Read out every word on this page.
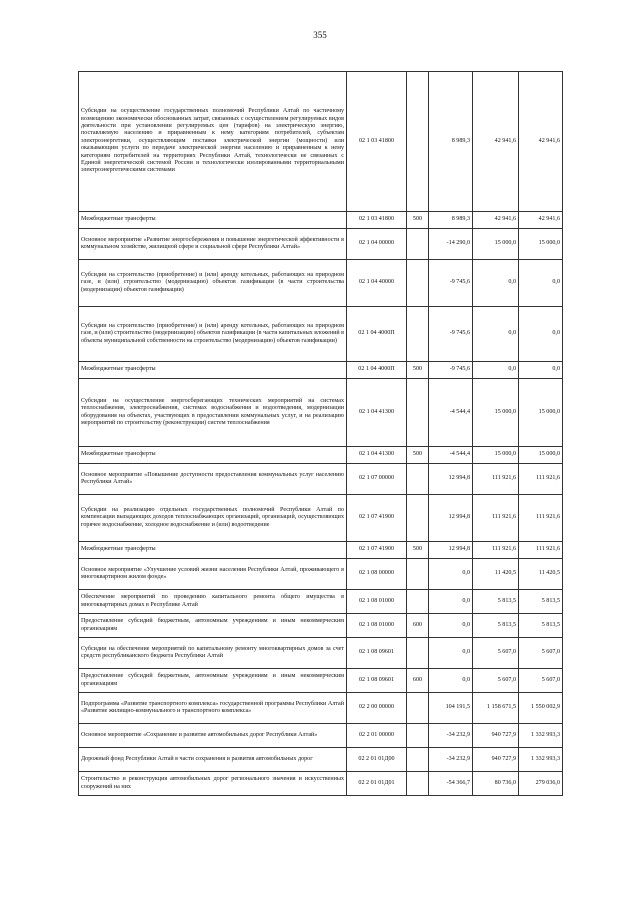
355
Субсидии на осуществление государственных полномочий Республики Алтай по частичному возмещению экономически обоснованных затрат, связанных с осуществлением регулируемых видов деятельности при установлении регулируемых цен (тарифов) на электрическую энергию, поставляемую населению и приравненным к нему категориям потребителей, субъектам электроэнергетики, осуществляющим поставки электрической энергии (мощности) или оказывающим услуги по передаче электрической энергии населению и приравненным к нему категориям потребителей на территориях Республики Алтай, технологически не связанных с Единой энергетической системой России и технологически изолированными территориальными электроэнергетическими системами	02 1 03 41800		8 989,3	42 941,6	42 941,6
Межбюджетные трансферты	02 1 03 41800	500	8 989,3	42 941,6	42 941,6
Основное мероприятие «Развитие энергосбережения и повышение энергетической эффективности в коммунальном хозяйстве, жилищной сфере и социальной сфере Республики Алтай»	02 1 04 00000		-14 290,0	15 000,0	15 000,0
Субсидии на строительство (приобретение) и (или) аренду котельных, работающих на природном газе, и (или) строительство (модернизацию) объектов газификации (в части строительства (модернизации) объектов газификации)	02 1 04 40000		-9 745,6	0,0	0,0
Субсидии на строительство (приобретение) и (или) аренду котельных, работающих на природном газе, и (или) строительство (модернизацию) объектов газификации (в части капитальных вложений в объекты муниципальной собственности на строительство (модернизацию) объектов газификации)	02 1 04 4000П		-9 745,6	0,0	0,0
Межбюджетные трансферты	02 1 04 4000П	500	-9 745,6	0,0	0,0
Субсидии на осуществление энергосберегающих технических мероприятий на системах теплоснабжения, электроснабжения, системах водоснабжения и водоотведения, модернизации оборудования на объектах, участвующих в предоставлении коммунальных услуг, и на реализацию мероприятий по строительству (реконструкции) систем теплоснабжения	02 1 04 41300		-4 544,4	15 000,0	15 000,0
Межбюджетные трансферты	02 1 04 41300	500	-4 544,4	15 000,0	15 000,0
Основное мероприятие «Повышение доступности предоставления коммунальных услуг населению Республики Алтай»	02 1 07 00000		12 994,8	111 921,6	111 921,6
Субсидии на реализацию отдельных государственных полномочий Республики Алтай по компенсации выпадающих доходов теплоснабжающих организаций, организаций, осуществляющих горячее водоснабжение, холодное водоснабжение и (или) водоотведение	02 1 07 41900		12 994,8	111 921,6	111 921,6
Межбюджетные трансферты	02 1 07 41900	500	12 994,8	111 921,6	111 921,6
Основное мероприятие «Улучшение условий жизни населения Республики Алтай, проживающего в многоквартирном жилом фонде»	02 1 08 00000		0,0	11 420,5	11 420,5
Обеспечение мероприятий по проведению капитального ремонта общего имущества в многоквартирных домах в Республике Алтай	02 1 08 01000		0,0	5 813,5	5 813,5
Предоставление субсидий бюджетным, автономным учреждениям и иным некоммерческим организациям	02 1 08 01000	600	0,0	5 813,5	5 813,5
Субсидии на обеспечение мероприятий по капитальному ремонту многоквартирных домов за счет средств республиканского бюджета Республики Алтай	02 1 08 09601		0,0	5 607,0	5 607,0
Предоставление субсидий бюджетным, автономным учреждениям и иным некоммерческим организациям	02 1 08 09601	600	0,0	5 607,0	5 607,0
Подпрограмма «Развитие транспортного комплекса» государственной программы Республики Алтай «Развитие жилищно-коммунального и транспортного комплекса»	02 2 00 00000		104 191,5	1 158 671,5	1 550 002,9
Основное мероприятие «Сохранение и развитие автомобильных дорог Республики Алтай»	02 2 01 00000		-34 232,9	940 727,9	1 332 993,3
Дорожный фонд Республики Алтай в части сохранения и развития автомобильных дорог	02 2 01 01Д00		-34 232,9	940 727,9	1 332 993,3
Строительство и реконструкция автомобильных дорог регионального значения и искусственных сооружений на них	02 2 01 01Д01		-54 366,7	80 736,0	279 036,0
